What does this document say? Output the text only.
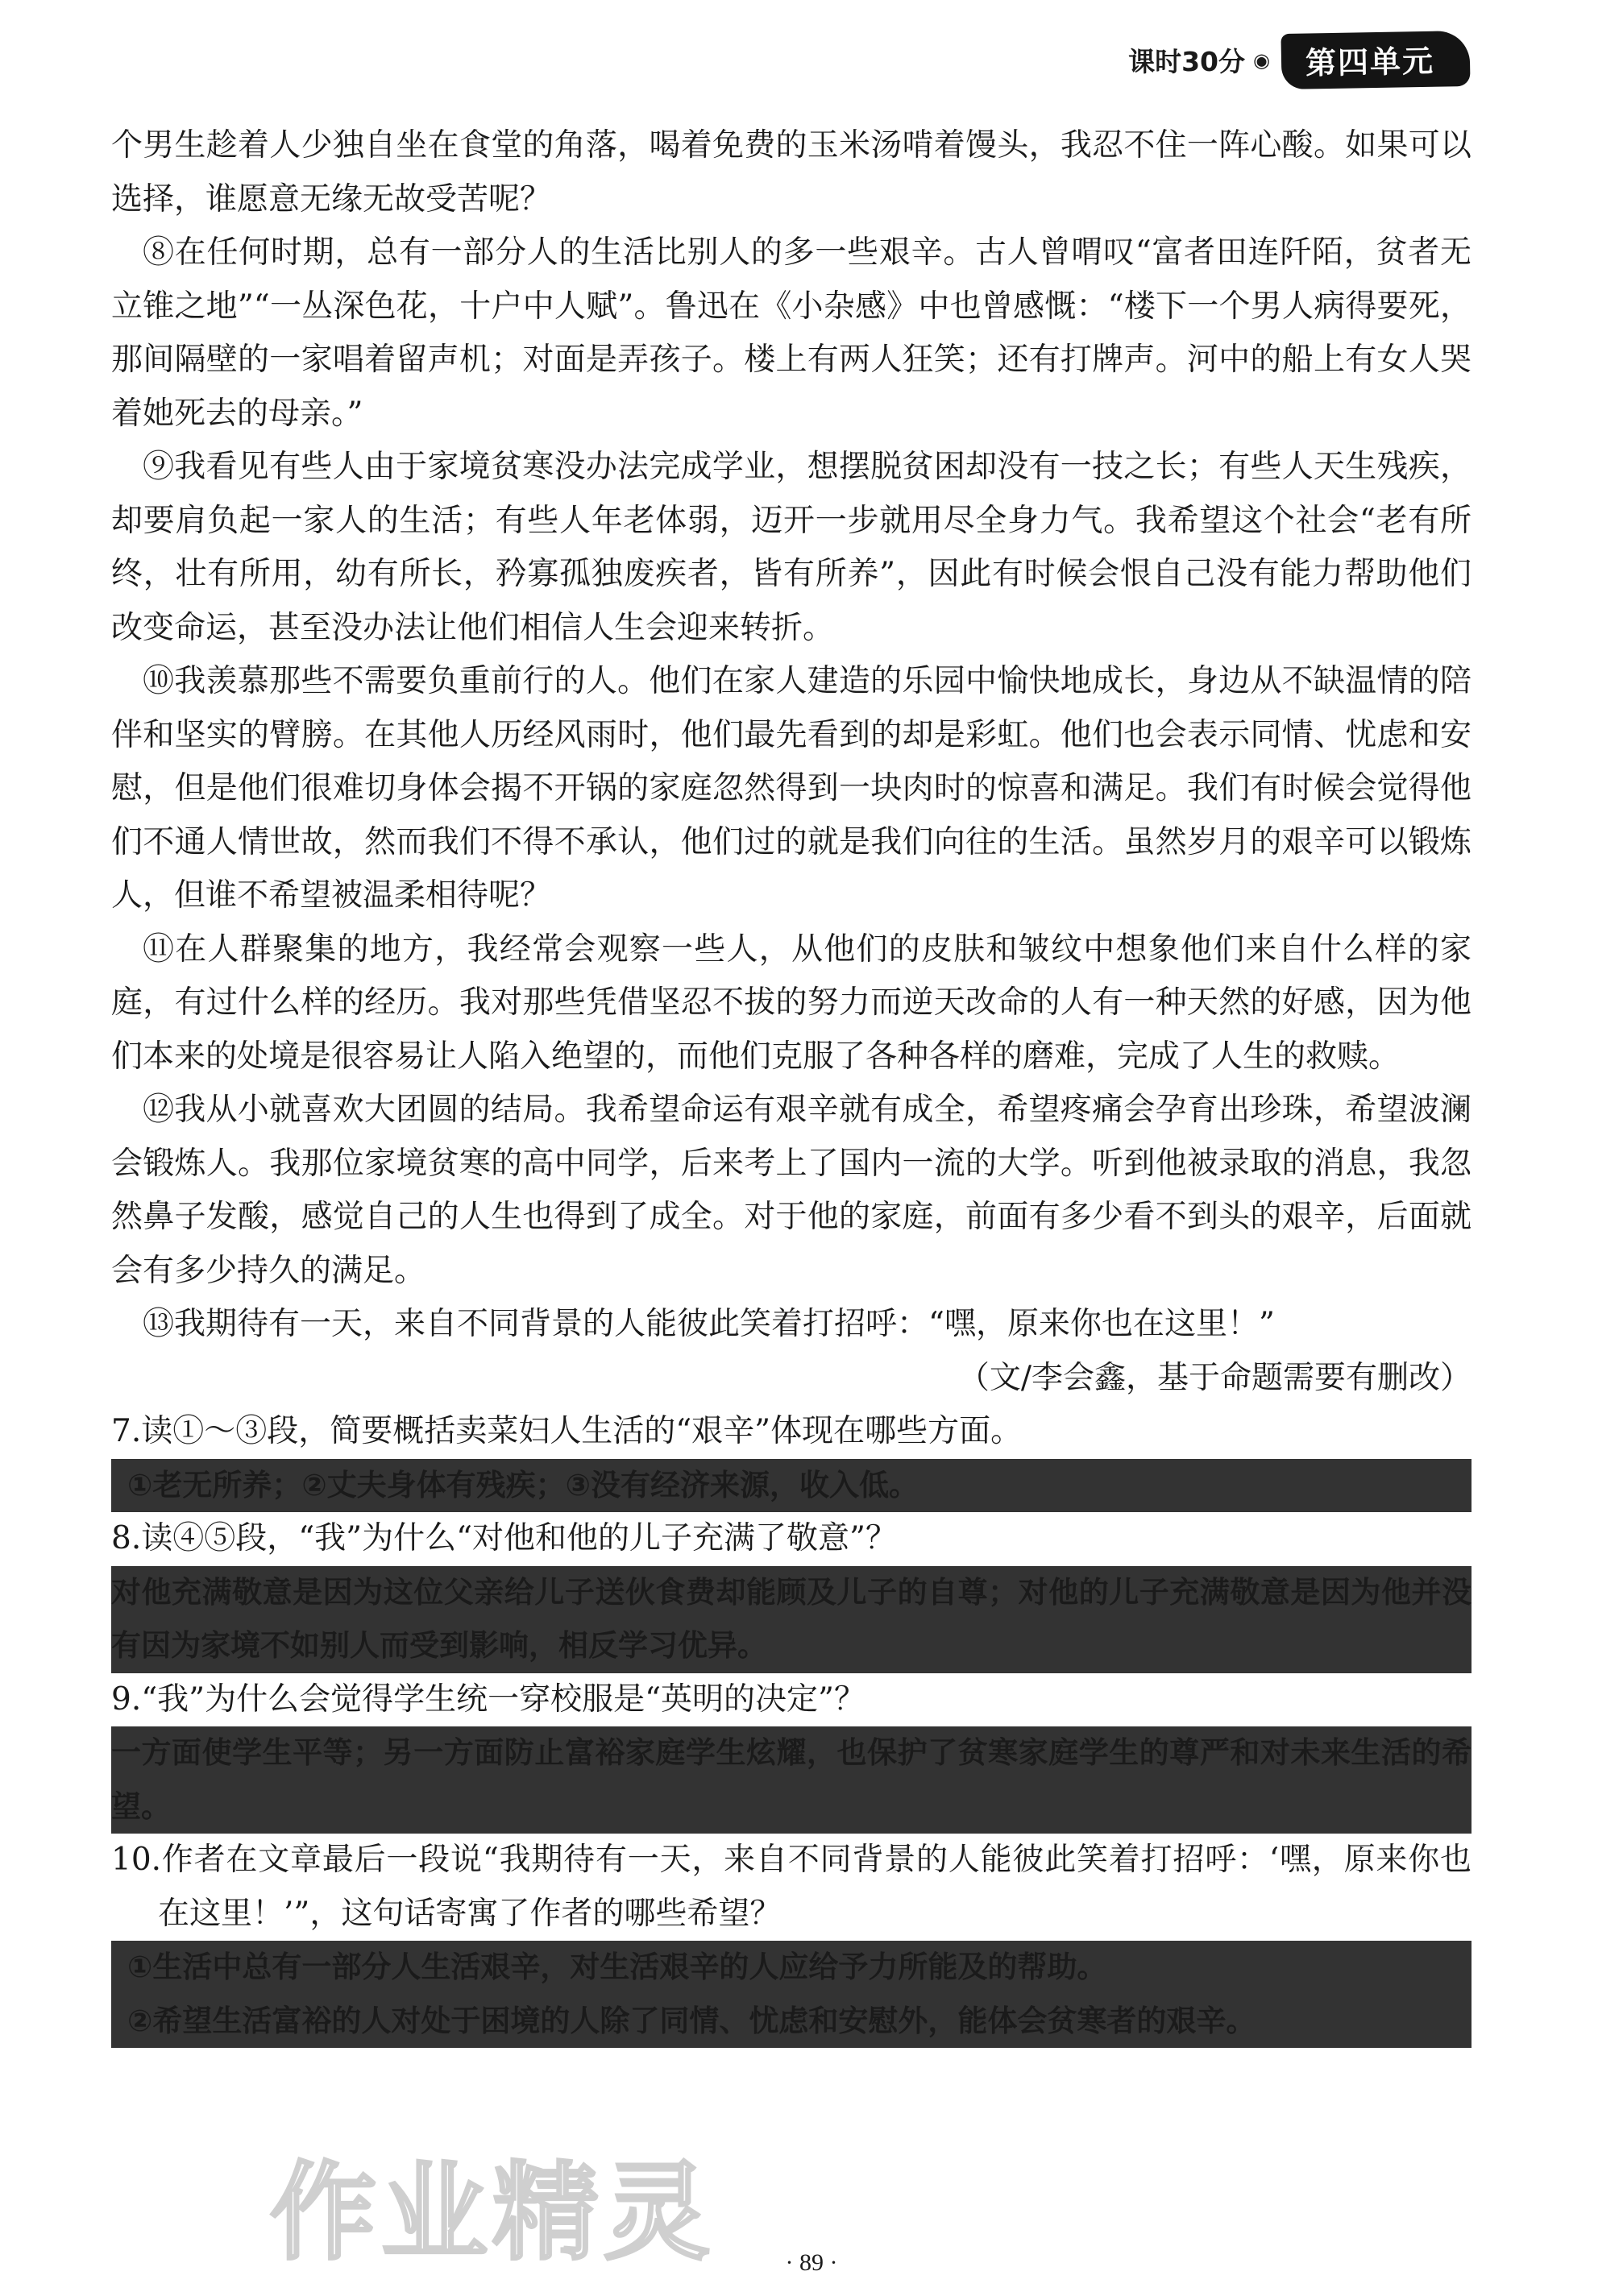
课时30分 ◉	第四单元

个男生趁着人少独自坐在食堂的角落，喝着免费的玉米汤啃着馒头，我忍不住一阵心酸。如果可以选择，谁愿意无缘无故受苦呢？

⑧在任何时期，总有一部分人的生活比别人的多一些艰辛。古人曾喟叹“富者田连阡陌，贫者无立锥之地”“一丛深色花，十户中人赋”。鲁迅在《小杂感》中也曾感慨：“楼下一个男人病得要死，那间隔壁的一家唱着留声机；对面是弄孩子。楼上有两人狂笑；还有打牌声。河中的船上有女人哭着她死去的母亲。”

⑨我看见有些人由于家境贫寒没办法完成学业，想摆脱贫困却没有一技之长；有些人天生残疾，却要肩负起一家人的生活；有些人年老体弱，迈开一步就用尽全身力气。我希望这个社会“老有所终，壮有所用，幼有所长，矜寡孤独废疾者，皆有所养”，因此有时候会恨自己没有能力帮助他们改变命运，甚至没办法让他们相信人生会迎来转折。

⑩我羡慕那些不需要负重前行的人。他们在家人建造的乐园中愉快地成长，身边从不缺温情的陪伴和坚实的臂膀。在其他人历经风雨时，他们最先看到的却是彩虹。他们也会表示同情、忧虑和安慰，但是他们很难切身体会揭不开锅的家庭忽然得到一块肉时的惊喜和满足。我们有时候会觉得他们不通人情世故，然而我们不得不承认，他们过的就是我们向往的生活。虽然岁月的艰辛可以锻炼人，但谁不希望被温柔相待呢？

⑪在人群聚集的地方，我经常会观察一些人，从他们的皮肤和皱纹中想象他们来自什么样的家庭，有过什么样的经历。我对那些凭借坚忍不拔的努力而逆天改命的人有一种天然的好感，因为他们本来的处境是很容易让人陷入绝望的，而他们克服了各种各样的磨难，完成了人生的救赎。

⑫我从小就喜欢大团圆的结局。我希望命运有艰辛就有成全，希望疼痛会孕育出珍珠，希望波澜会锻炼人。我那位家境贫寒的高中同学，后来考上了国内一流的大学。听到他被录取的消息，我忽然鼻子发酸，感觉自己的人生也得到了成全。对于他的家庭，前面有多少看不到头的艰辛，后面就会有多少持久的满足。

⑬我期待有一天，来自不同背景的人能彼此笑着打招呼：“嘿，原来你也在这里！”

（文/李会鑫，基于命题需要有删改）

7.读①～③段，简要概括卖菜妇人生活的“艰辛”体现在哪些方面。

①老无所养；②丈夫身体有残疾；③没有经济来源，收入低。

8.读④⑤段，“我”为什么“对他和他的儿子充满了敬意”？

对他充满敬意是因为这位父亲给儿子送伙食费却能顾及儿子的自尊；对他的儿子充满敬意是因为他并没有因为家境不如别人而受到影响，相反学习优异。

9.“我”为什么会觉得学生统一穿校服是“英明的决定”？

一方面使学生平等；另一方面防止富裕家庭学生炫耀，也保护了贫寒家庭学生的尊严和对未来生活的希望。

10.作者在文章最后一段说“我期待有一天，来自不同背景的人能彼此笑着打招呼：‘嘿，原来你也在这里！’”，这句话寄寓了作者的哪些希望？

①生活中总有一部分人生活艰辛，对生活艰辛的人应给予力所能及的帮助。

②希望生活富裕的人对处于困境的人除了同情、忧虑和安慰外，能体会贫寒者的艰辛。

作业精灵	· 89 ·
